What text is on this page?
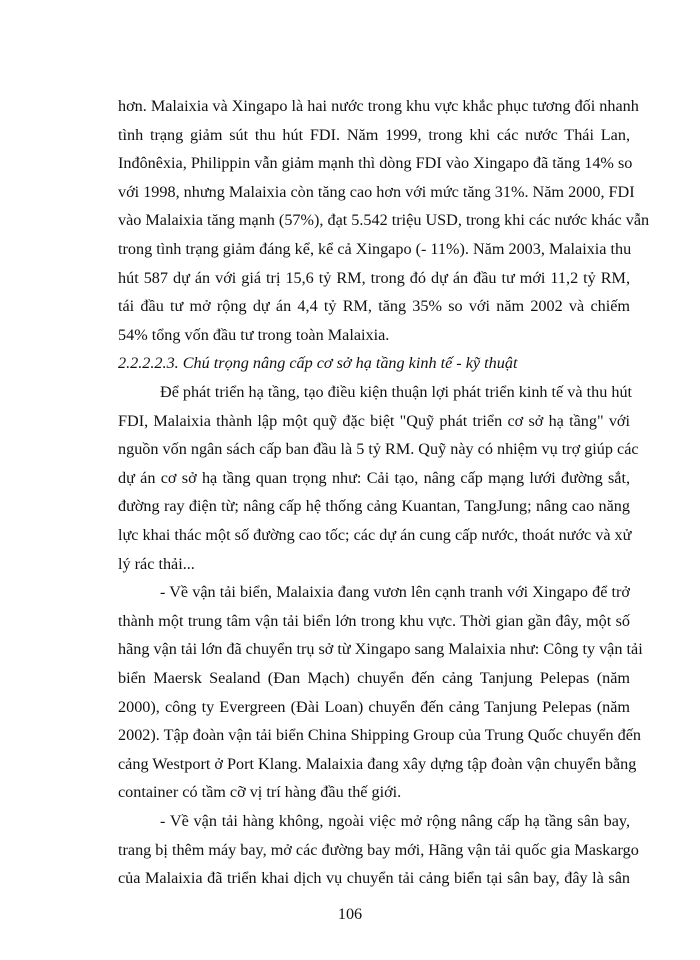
106
hơn. Malaixia và Xingapo là hai nước trong khu vực khắc phục tương đối nhanh
tình trạng giảm sút thu hút FDI. Năm 1999, trong khi các nước Thái Lan,
Inđônêxia, Philippin vẫn giảm mạnh thì dòng FDI vào Xingapo đã tăng 14% so
với 1998, nhưng Malaixia còn tăng cao hơn với mức tăng 31%. Năm 2000, FDI
vào Malaixia tăng mạnh (57%), đạt 5.542 triệu USD, trong khi các nước khác vẫn
trong tình trạng giảm đáng kể, kể cả Xingapo (- 11%). Năm 2003, Malaixia thu
hút 587 dự án với giá trị 15,6 tỷ RM, trong đó dự án đầu tư mới 11,2 tỷ RM,
tái đầu tư mở rộng dự án 4,4 tỷ RM, tăng 35% so với năm 2002 và chiếm
54% tổng vốn đầu tư trong toàn Malaixia.
2.2.2.2.3. Chú trọng nâng cấp cơ sở hạ tầng kinh tế - kỹ thuật
Để phát triển hạ tầng, tạo điều kiện thuận lợi phát triển kinh tế và thu hút
FDI, Malaixia thành lập một quỹ đặc biệt "Quỹ phát triển cơ sở hạ tầng" với
nguồn vốn ngân sách cấp ban đầu là 5 tỷ RM. Quỹ này có nhiệm vụ trợ giúp các
dự án cơ sở hạ tầng quan trọng như: Cải tạo, nâng cấp mạng lưới đường sắt,
đường ray điện từ; nâng cấp hệ thống cảng Kuantan, TangJung; nâng cao năng
lực khai thác một số đường cao tốc; các dự án cung cấp nước, thoát nước và xử
lý rác thải...
- Về vận tải biển, Malaixia đang vươn lên cạnh tranh với Xingapo để trở
thành một trung tâm vận tải biển lớn trong khu vực. Thời gian gần đây, một số
hãng vận tải lớn đã chuyển trụ sở từ Xingapo sang Malaixia như: Công ty vận tải
biển Maersk Sealand (Đan Mạch) chuyển đến cảng Tanjung Pelepas (năm
2000), công ty Evergreen (Đài Loan) chuyển đến cảng Tanjung Pelepas (năm
2002). Tập đoàn vận tải biển China Shipping Group của Trung Quốc chuyển đến
cảng Westport ở Port Klang. Malaixia đang xây dựng tập đoàn vận chuyển bằng
container có tầm cỡ vị trí hàng đầu thế giới.
- Về vận tải hàng không, ngoài việc mở rộng nâng cấp hạ tầng sân bay,
trang bị thêm máy bay, mở các đường bay mới, Hãng vận tải quốc gia Maskargo
của Malaixia đã triển khai dịch vụ chuyển tải cảng biển tại sân bay, đây là sân
